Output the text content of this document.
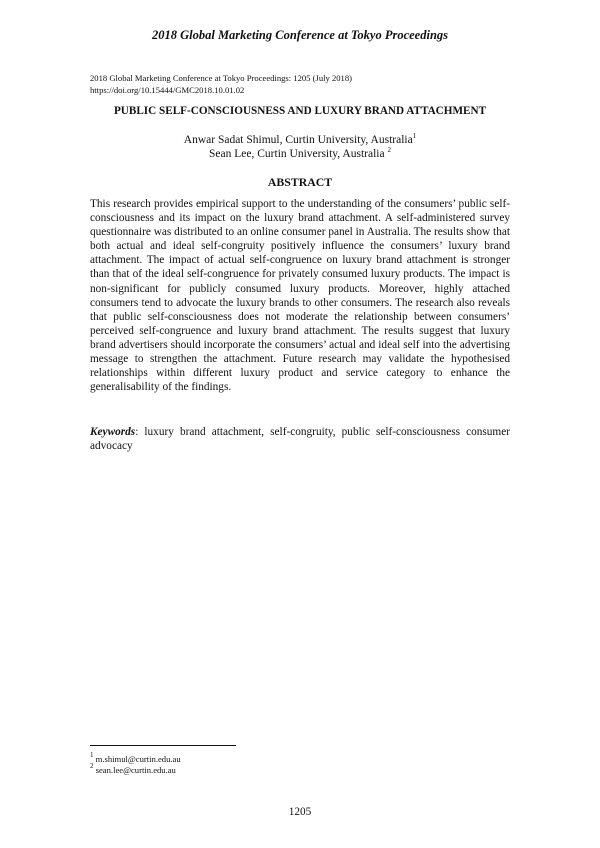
2018 Global Marketing Conference at Tokyo Proceedings
2018 Global Marketing Conference at Tokyo Proceedings: 1205 (July 2018)
https://doi.org/10.15444/GMC2018.10.01.02
PUBLIC SELF-CONSCIOUSNESS AND LUXURY BRAND ATTACHMENT
Anwar Sadat Shimul, Curtin University, Australia$^1$
Sean Lee, Curtin University, Australia $^2$
ABSTRACT

This research provides empirical support to the understanding of the consumers’ public self-consciousness and its impact on the luxury brand attachment. A self-administered survey questionnaire was distributed to an online consumer panel in Australia. The results show that both actual and ideal self-congruity positively influence the consumers’ luxury brand attachment. The impact of actual self-congruence on luxury brand attachment is stronger than that of the ideal self-congruence for privately consumed luxury products. The impact is non-significant for publicly consumed luxury products. Moreover, highly attached consumers tend to advocate the luxury brands to other consumers. The research also reveals that public self-consciousness does not moderate the relationship between consumers’ perceived self-congruence and luxury brand attachment. The results suggest that luxury brand advertisers should incorporate the consumers’ actual and ideal self into the advertising message to strengthen the attachment. Future research may validate the hypothesised relationships within different luxury product and service category to enhance the generalisability of the findings.

Keywords: luxury brand attachment, self-congruity, public self-consciousness consumer advocacy

$^1$ m.shimul@curtin.edu.au
$^2$ sean.lee@curtin.edu.au
1205
